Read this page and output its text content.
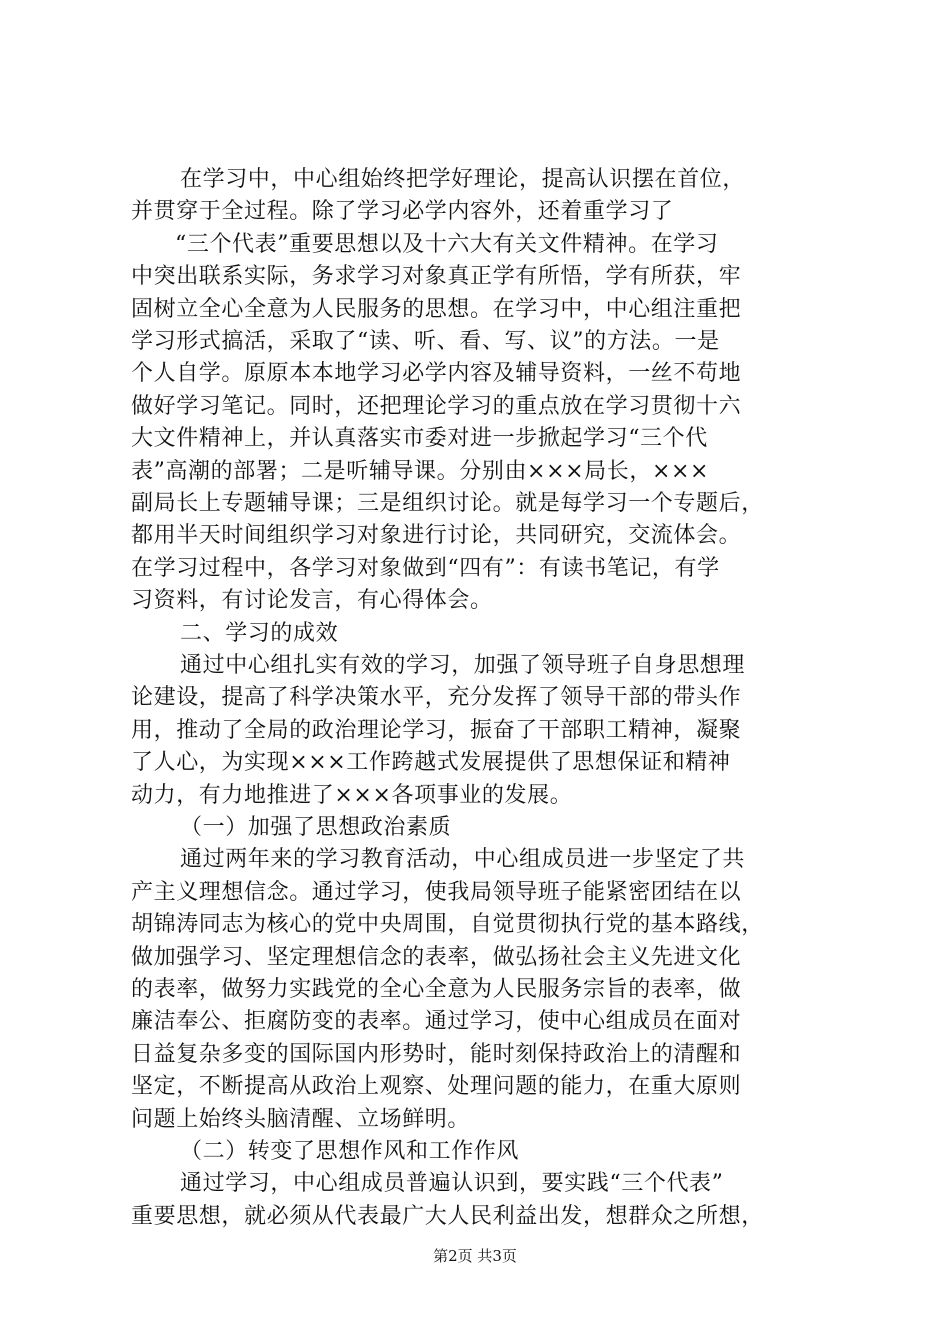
在学习中，中心组始终把学好理论，提高认识摆在首位，
并贯穿于全过程。除了学习必学内容外，还着重学习了
“三个代表”重要思想以及十六大有关文件精神。在学习
中突出联系实际，务求学习对象真正学有所悟，学有所获，牢
固树立全心全意为人民服务的思想。在学习中，中心组注重把
学习形式搞活，采取了“读、听、看、写、议”的方法。一是
个人自学。原原本本地学习必学内容及辅导资料，一丝不苟地
做好学习笔记。同时，还把理论学习的重点放在学习贯彻十六
大文件精神上，并认真落实市委对进一步掀起学习“三个代
表”高潮的部署；二是听辅导课。分别由×××局长，×××
副局长上专题辅导课；三是组织讨论。就是每学习一个专题后，
都用半天时间组织学习对象进行讨论，共同研究，交流体会。
在学习过程中，各学习对象做到“四有”：有读书笔记，有学
习资料，有讨论发言，有心得体会。
二、学习的成效
通过中心组扎实有效的学习，加强了领导班子自身思想理
论建设，提高了科学决策水平，充分发挥了领导干部的带头作
用，推动了全局的政治理论学习，振奋了干部职工精神，凝聚
了人心，为实现×××工作跨越式发展提供了思想保证和精神
动力，有力地推进了×××各项事业的发展。
（一）加强了思想政治素质
通过两年来的学习教育活动，中心组成员进一步坚定了共
产主义理想信念。通过学习，使我局领导班子能紧密团结在以
胡锦涛同志为核心的党中央周围，自觉贯彻执行党的基本路线，
做加强学习、坚定理想信念的表率，做弘扬社会主义先进文化
的表率，做努力实践党的全心全意为人民服务宗旨的表率，做
廉洁奉公、拒腐防变的表率。通过学习，使中心组成员在面对
日益复杂多变的国际国内形势时，能时刻保持政治上的清醒和
坚定，不断提高从政治上观察、处理问题的能力，在重大原则
问题上始终头脑清醒、立场鲜明。
（二）转变了思想作风和工作作风
通过学习，中心组成员普遍认识到，要实践“三个代表”
重要思想，就必须从代表最广大人民利益出发，想群众之所想，
第2页 共3页
